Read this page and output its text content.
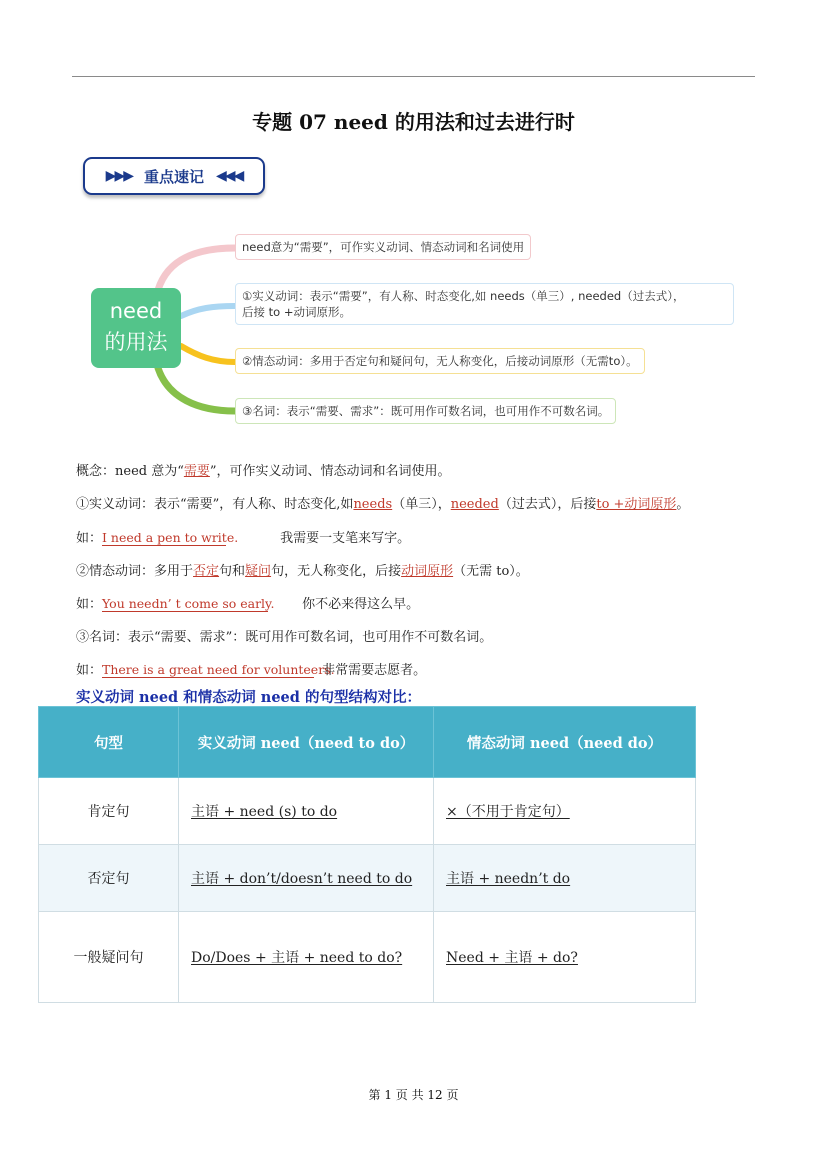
专题 07 need 的用法和过去进行时
▶▶▶ 重点速记 ◀◀◀
need
的用法
need意为“需要”，可作实义动词、情态动词和名词使用
①实义动词：表示“需要”，有人称、时态变化,如 needs（单三）, needed（过去式），
后接 to +动词原形。
②情态动词：多用于否定句和疑问句，无人称变化，后接动词原形（无需to）。
③名词：表示“需要、需求”：既可用作可数名词，也可用作不可数名词。
概念：need 意为“需要”，可作实义动词、情态动词和名词使用。
①实义动词：表示“需要”，有人称、时态变化,如needs（单三），needed（过去式），后接to +动词原形。
如：I need a pen to write.	我需要一支笔来写字。
②情态动词：多用于否定句和疑问句，无人称变化，后接动词原形（无需 to）。
如：You needn’ t come so early. 你不必来得这么早。
③名词：表示“需要、需求”：既可用作可数名词，也可用作不可数名词。
如：There is a great need for volunteers. 非常需要志愿者。
实义动词 need 和情态动词 need 的句型结构对比：
句型	实义动词 need（need to do）	情态动词 need（need do）
肯定句	主语 + need (s) to do	×（不用于肯定句）
否定句	主语 + don’t/doesn’t need to do	主语 + needn’t do
一般疑问句	Do/Does + 主语 + need to do?	Need + 主语 + do?
第 1 页 共 12 页
